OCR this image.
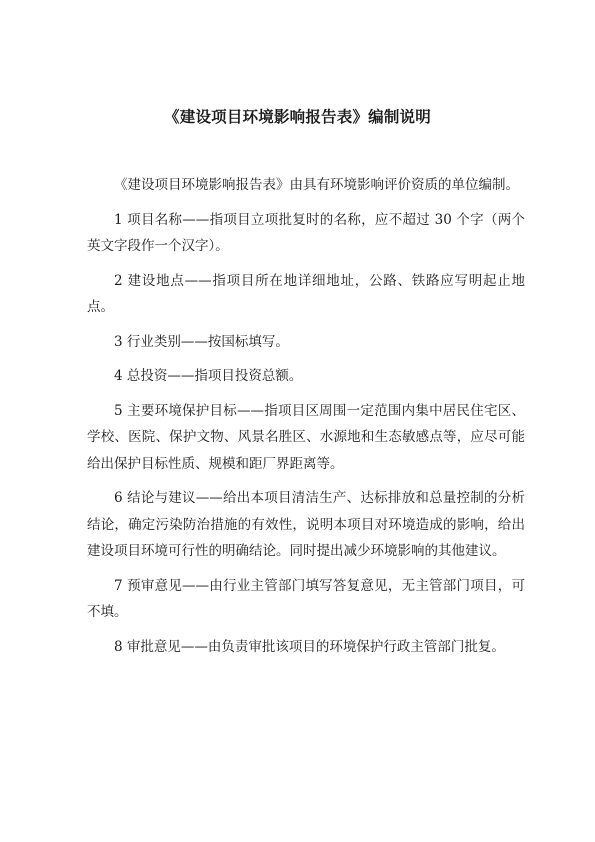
《建设项目环境影响报告表》编制说明

《建设项目环境影响报告表》由具有环境影响评价资质的单位编制。

1 项目名称——指项目立项批复时的名称，应不超过 30 个字（两个英文字段作一个汉字）。

2 建设地点——指项目所在地详细地址，公路、铁路应写明起止地点。

3 行业类别——按国标填写。

4 总投资——指项目投资总额。

5 主要环境保护目标——指项目区周围一定范围内集中居民住宅区、学校、医院、保护文物、风景名胜区、水源地和生态敏感点等，应尽可能给出保护目标性质、规模和距厂界距离等。

6 结论与建议——给出本项目清洁生产、达标排放和总量控制的分析结论，确定污染防治措施的有效性，说明本项目对环境造成的影响，给出建设项目环境可行性的明确结论。同时提出减少环境影响的其他建议。

7 预审意见——由行业主管部门填写答复意见，无主管部门项目，可不填。

8 审批意见——由负责审批该项目的环境保护行政主管部门批复。
